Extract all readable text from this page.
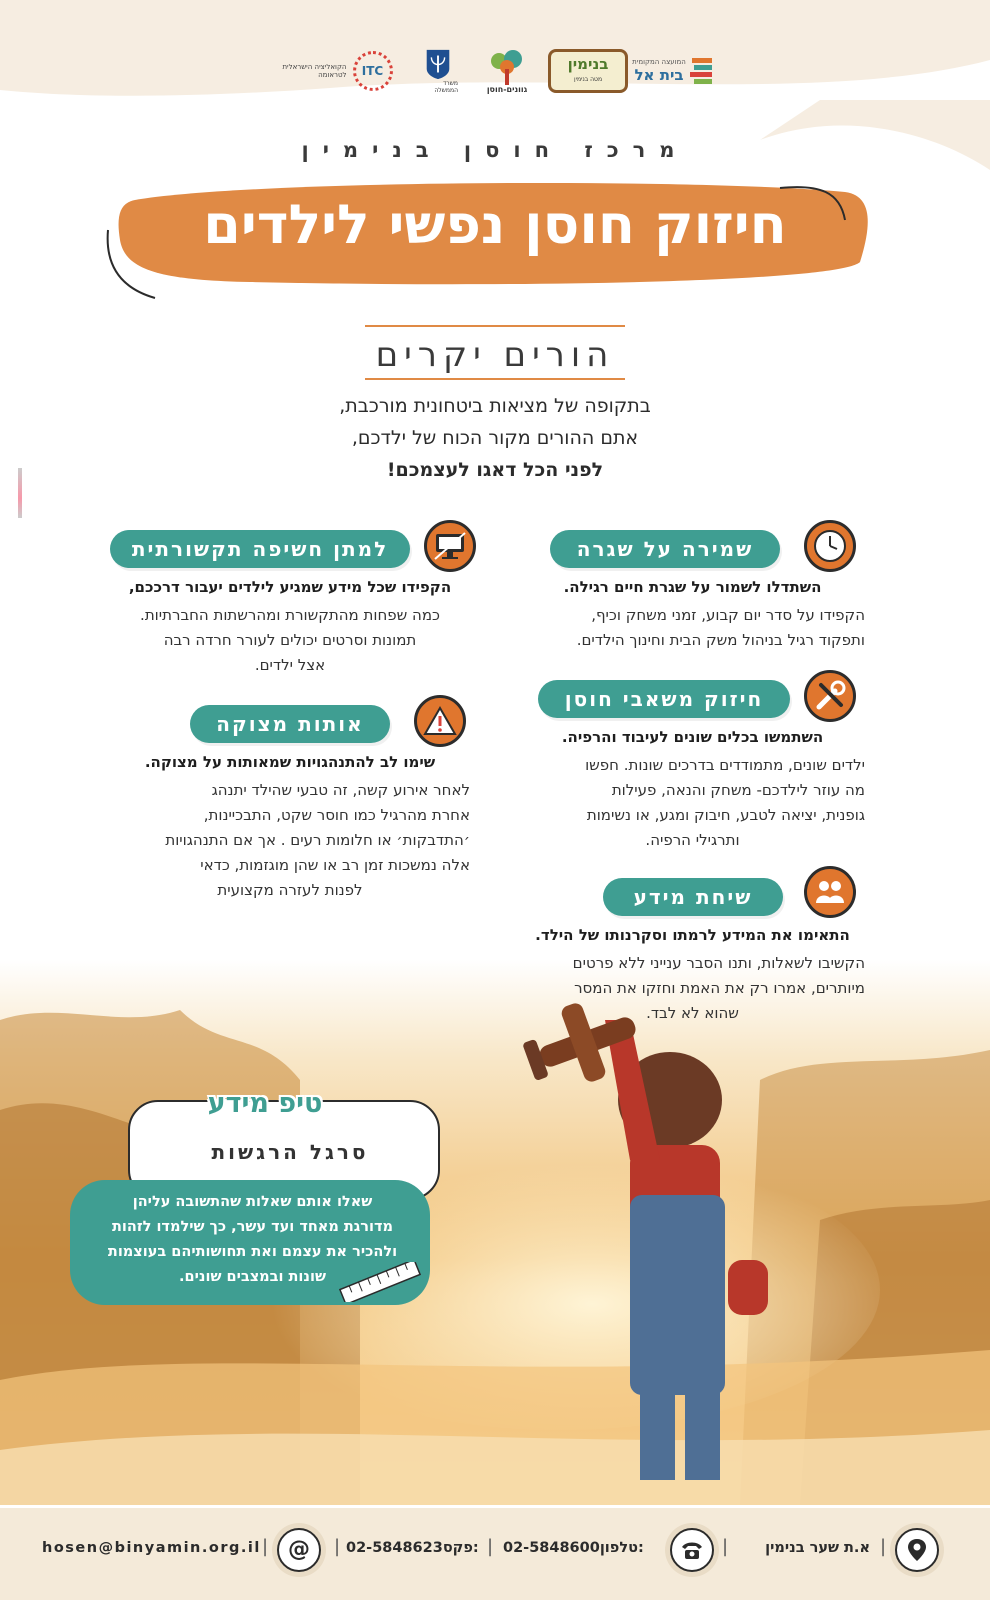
המועצה המקומית
בית אל
בנימין
מטה בנימין
גוונים-חוסן
משרד הממשלה
הקואליציה הישראלית לטראומה ITC
מרכז חוסן בנימין
חיזוק חוסן נפשי לילדים
הורים יקרים
בתקופה של מציאות ביטחונית מורכבת,
אתם ההורים מקור הכוח של ילדכם,
לפני הכל דאגו לעצמכם!
שמירה על שגרה
השתדלו לשמור על שגרת חיים רגילה.
הקפידו על סדר יום קבוע, זמני משחק וכיף,
ותפקוד רגיל בניהול משק הבית וחינוך הילדים.
למתן חשיפה תקשורתית
הקפידו שכל מידע שמגיע לילדים יעבור דרככם,
כמה שפחות מהתקשורת ומהרשתות החברתיות.
תמונות וסרטים יכולים לעורר חרדה רבה
אצל ילדים.
חיזוק משאבי חוסן
השתמשו בכלים שונים לעיבוד והרפיה.
ילדים שונים, מתמודדים בדרכים שונות. חפשו
מה עוזר לילדכם- משחק והנאה, פעילות
גופנית, יציאה לטבע, חיבוק ומגע, או נשימות
ותרגילי הרפיה.
אותות מצוקה
שימו לב להתנהגויות שמאותות על מצוקה.
לאחר אירוע קשה, זה טבעי שהילד יתנהג
אחרת מהרגיל כמו חוסר שקט, התבכיינות,
׳התדבקות׳ או חלומות רעים . אך אם התנהגויות
אלה נמשכות זמן רב או שהן מוגזמות, כדאי
לפנות לעזרה מקצועית	שיחת מידע
התאימו את המידע לרמתו וסקרנותו של הילד.
הקשיבו לשאלות, ותנו הסבר ענייני ללא פרטים
מיותרים, אמרו רק את האמת וחזקו את המסר
שהוא לא לבד.
טיפ מידע
סרגל הרגשות
שאלו אותם שאלות שהתשובה עליהן
מדורגת מאחד ועד עשר, כך שילמדו לזהות
ולהכיר את עצמם ואת תחושותיהם בעוצמות
שונות ובמצבים שונים.
א.ת שער בנימין |
|
02-5848600טלפון:
|
02-5848623פקס:
@ |
hosen@binyamin.org.il |
